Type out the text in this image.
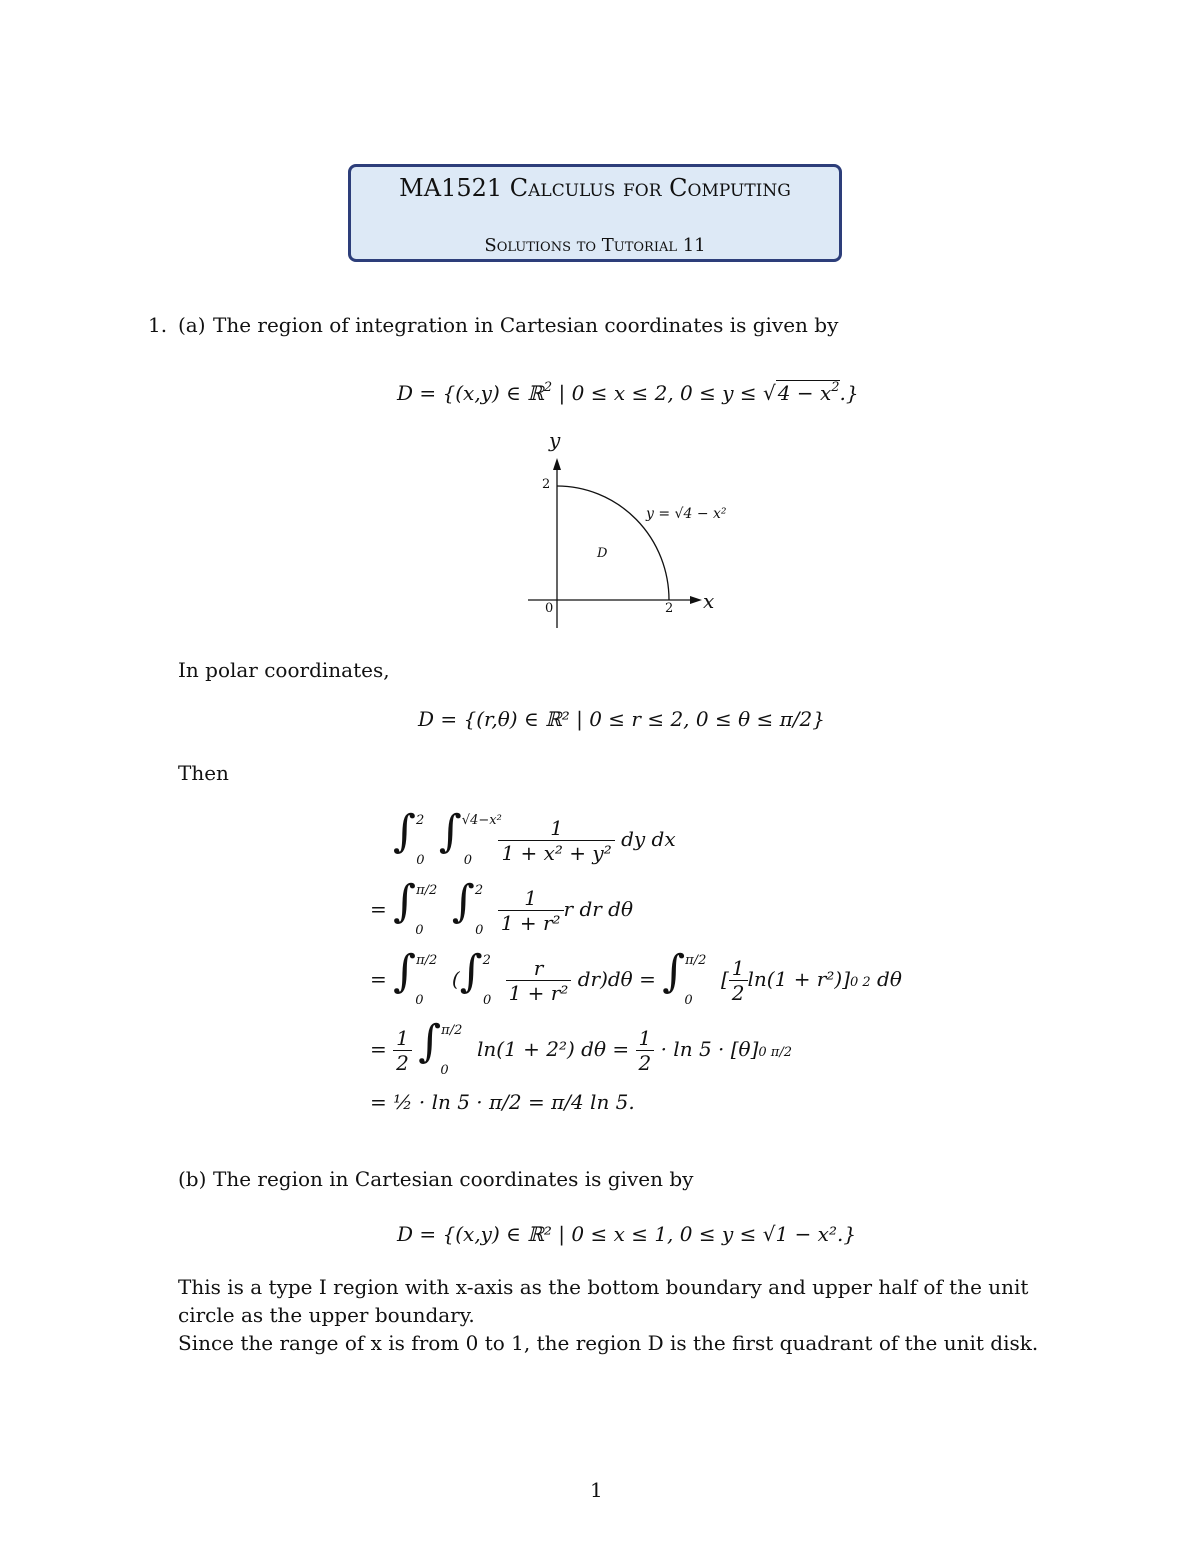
MA1521 Calculus for Computing
Solutions to Tutorial 11
1. (a) The region of integration in Cartesian coordinates is given by
D = {(x,y) ∈ ℝ$^2$ | 0 ≤ x ≤ 2, 0 ≤ y ≤ √ $4 - x^2$.}
y
x
2
2
0
D
y = √4 − x²
In polar coordinates,
D = {(r,θ) ∈ ℝ² | 0 ≤ r ≤ 2, 0 ≤ θ ≤ π/2}
Then
∫$^2_0$ $\int^{√4-x^2}_0 \frac{1}{\text{1 + x² + y²}}$ dy dx
= ∫$^{\pi/2}_0$ $\int^2_0 \frac{1}{\text{1 + r²}}$ r dr dθ
= ∫$^{\pi/2}_0$ $(\int^2_0 \frac{r}{\text{1 + r²}} dr)d\theta = \int^{\pi/2}_0$ [ $\frac{1}{2} \ln(1 + r^2)]0$ 2 dθ
= $\frac{1}{2} \int^{\pi/2}_0$ ln(1 + 2²) $d\theta = \frac{1}{2} \cdot \ln 5 \cdot [\theta]0$ π/2
= ½ · ln 5 · π/2 = π/4 ln 5.
(b) The region in Cartesian coordinates is given by
D = {(x,y) ∈ ℝ² | 0 ≤ x ≤ 1, 0 ≤ y ≤ √1 − x².}
This is a type I region with x-axis as the bottom boundary and upper half of the unit
circle as the upper boundary.
Since the range of x is from 0 to 1, the region D is the first quadrant of the unit disk.
1
